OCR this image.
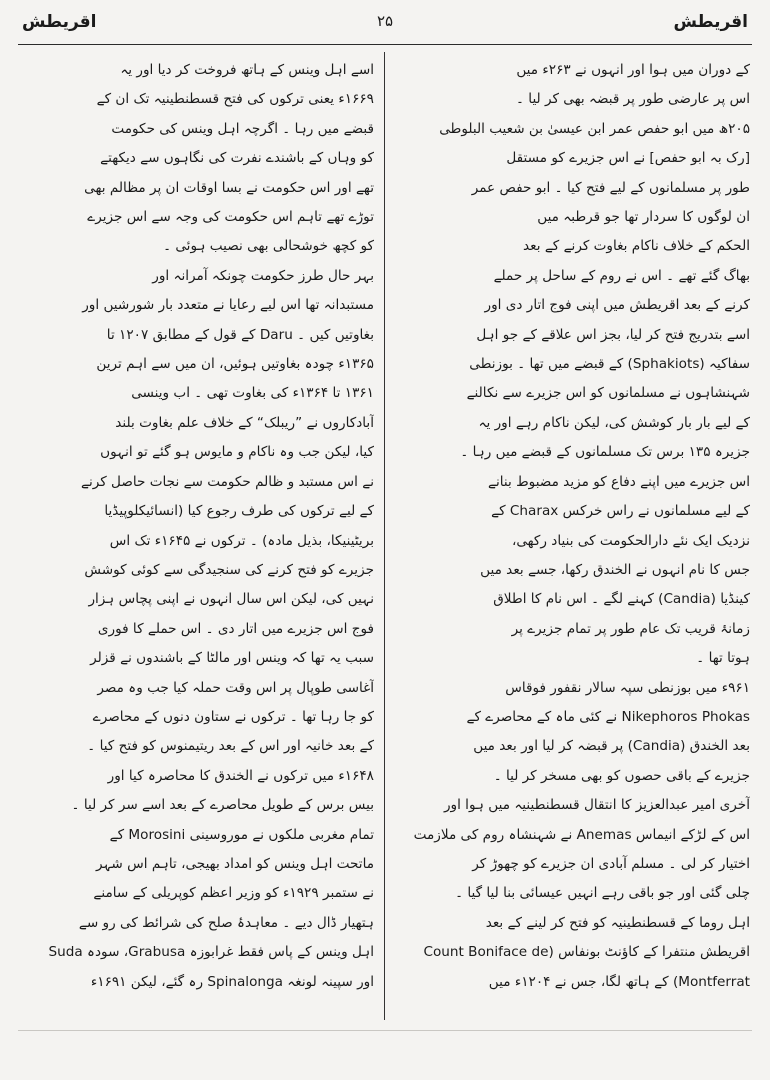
اقریطش	۲۵	اقریطش

کے دوران میں ہوا اور انہوں نے ۲۶۳ء میں
اس پر عارضی طور پر قبضہ بھی کر لیا ۔
۲۰۵ھ میں ابو حفص عمر ابن عیسیٰ بن شعیب البلوطی
[رک بہ ابو حفص] نے اس جزیرے کو مستقل
طور پر مسلمانوں کے لیے فتح کیا ۔ ابو حفص عمر
ان لوگوں کا سردار تھا جو قرطبہ میں
الحکم کے خلاف ناکام بغاوت کرنے کے بعد
بھاگ گئے تھے ۔ اس نے روم کے ساحل پر حملے
کرنے کے بعد اقریطش میں اپنی فوج اتار دی اور
اسے بتدریج فتح کر لیا، بجز اس علاقے کے جو اہل
سفاکیہ (Sphakiots) کے قبضے میں تھا ۔ بوزنطی
شہنشاہوں نے مسلمانوں کو اس جزیرے سے نکالنے
کے لیے بار بار کوشش کی، لیکن ناکام رہے اور یہ
جزیرہ ۱۳۵ برس تک مسلمانوں کے قبضے میں رہا ۔
اس جزیرے میں اپنے دفاع کو مزید مضبوط بنانے
کے لیے مسلمانوں نے راس خرکس Charax کے
نزدیک ایک نئے دارالحکومت کی بنیاد رکھی،
جس کا نام انہوں نے الخندق رکھا، جسے بعد میں
کینڈیا (Candia) کہنے لگے ۔ اس نام کا اطلاق
زمانۂ قریب تک عام طور پر تمام جزیرے پر
ہوتا تھا ۔
۹۶۱ء میں بوزنطی سپہ سالار نقفور فوقاس
Nikephoros Phokas نے کئی ماہ کے محاصرے کے
بعد الخندق (Candia) پر قبضہ کر لیا اور بعد میں
جزیرے کے باقی حصوں کو بھی مسخر کر لیا ۔
آخری امیر عبدالعزیز کا انتقال قسطنطینیہ میں ہوا اور
اس کے لڑکے انیماس Anemas نے شہنشاہ روم کی ملازمت
اختیار کر لی ۔ مسلم آبادی ان جزیرے کو چھوڑ کر
چلی گئی اور جو باقی رہے انہیں عیسائی بنا لیا گیا ۔
اہل روما کے قسطنطینیہ کو فتح کر لینے کے بعد
اقریطش منتفرا کے کاؤنٹ بونفاس (Count Boniface de
Montferrat) کے ہاتھ لگا، جس نے ۱۲۰۴ء میں

اسے اہل وینس کے ہاتھ فروخت کر دیا اور یہ
۱۶۶۹ء یعنی ترکوں کی فتح قسطنطینیہ تک ان کے
قبضے میں رہا ۔ اگرچہ اہل وینس کی حکومت
کو وہاں کے باشندے نفرت کی نگاہوں سے دیکھتے
تھے اور اس حکومت نے بسا اوقات ان پر مظالم بھی
توڑے تھے تاہم اس حکومت کی وجہ سے اس جزیرے
کو کچھ خوشحالی بھی نصیب ہوئی ۔
بہر حال طرز حکومت چونکہ آمرانہ اور
مستبدانہ تھا اس لیے رعایا نے متعدد بار شورشیں اور
بغاوتیں کیں ۔ Daru کے قول کے مطابق ۱۲۰۷ تا
۱۳۶۵ء چودہ بغاوتیں ہوئیں، ان میں سے اہم ترین
۱۳۶۱ تا ۱۳۶۴ء کی بغاوت تھی ۔ اب وینسی
آبادکاروں نے ”ریبلک“ کے خلاف علم بغاوت بلند
کیا، لیکن جب وہ ناکام و مایوس ہو گئے تو انہوں
نے اس مستبد و ظالم حکومت سے نجات حاصل کرنے
کے لیے ترکوں کی طرف رجوع کیا (انسائیکلوپیڈیا
بریٹینیکا، بذیل مادہ) ۔ ترکوں نے ۱۶۴۵ء تک اس
جزیرے کو فتح کرنے کی سنجیدگی سے کوئی کوشش
نہیں کی، لیکن اس سال انہوں نے اپنی پچاس ہزار
فوج اس جزیرے میں اتار دی ۔ اس حملے کا فوری
سبب یہ تھا کہ وینس اور مالٹا کے باشندوں نے قزلر
آغاسی طوپال پر اس وقت حملہ کیا جب وہ مصر
کو جا رہا تھا ۔ ترکوں نے ستاون دنوں کے محاصرے
کے بعد خانیہ اور اس کے بعد ریتیمنوس کو فتح کیا ۔
۱۶۴۸ء میں ترکوں نے الخندق کا محاصرہ کیا اور
بیس برس کے طویل محاصرے کے بعد اسے سر کر لیا ۔
تمام مغربی ملکوں نے موروسینی Morosini کے
ماتحت اہل وینس کو امداد بھیجی، تاہم اس شہر
نے ستمبر ۱۹۲۹ء کو وزیر اعظم کوپریلی کے سامنے
ہتھیار ڈال دیے ۔ معاہدۂ صلح کی شرائط کی رو سے
اہل وینس کے پاس فقط غرابوزہ Grabusa، سودہ Suda
اور سپینہ لونغہ Spinalonga رہ گئے، لیکن ۱۶۹۱ء
